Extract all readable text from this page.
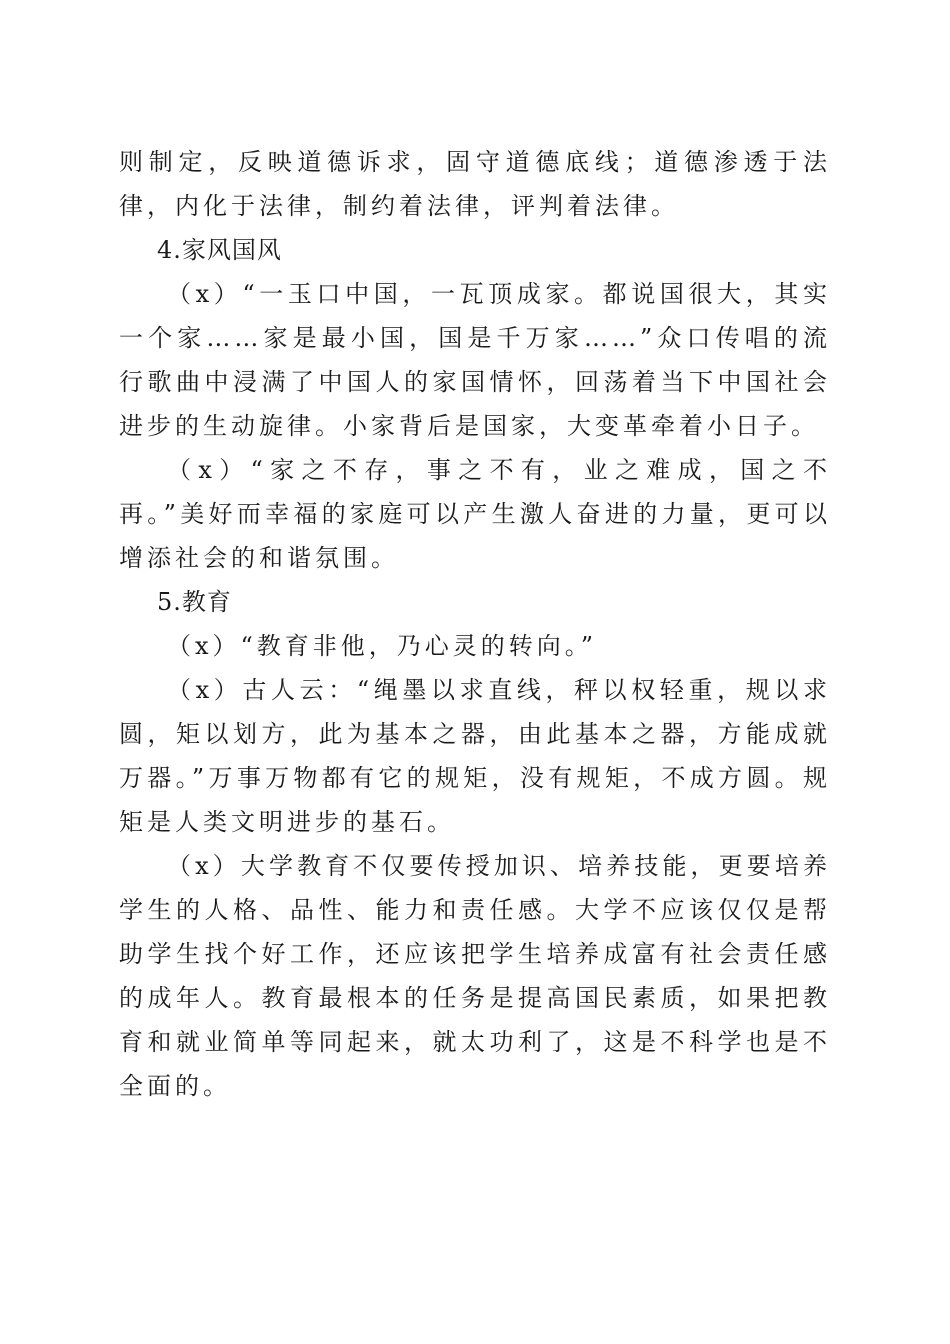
则制定，反映道德诉求，固守道德底线；道德渗透于法律，内化于法律，制约着法律，评判着法律。

4.家风国风

（x）“一玉口中国，一瓦顶成家。都说国很大，其实一个家……家是最小国，国是千万家……”众口传唱的流行歌曲中浸满了中国人的家国情怀，回荡着当下中国社会进步的生动旋律。小家背后是国家，大变革牵着小日子。

（x）“家之不存，事之不有，业之难成，国之不再。”美好而幸福的家庭可以产生激人奋进的力量，更可以增添社会的和谐氛围。

5.教育

（x）“教育非他，乃心灵的转向。”

（x）古人云：“绳墨以求直线，秤以权轻重，规以求圆，矩以划方，此为基本之器，由此基本之器，方能成就万器。”万事万物都有它的规矩，没有规矩，不成方圆。规矩是人类文明进步的基石。

（x）大学教育不仅要传授加识、培养技能，更要培养学生的人格、品性、能力和责任感。大学不应该仅仅是帮助学生找个好工作，还应该把学生培养成富有社会责任感的成年人。教育最根本的任务是提高国民素质，如果把教育和就业简单等同起来，就太功利了，这是不科学也是不全面的。
